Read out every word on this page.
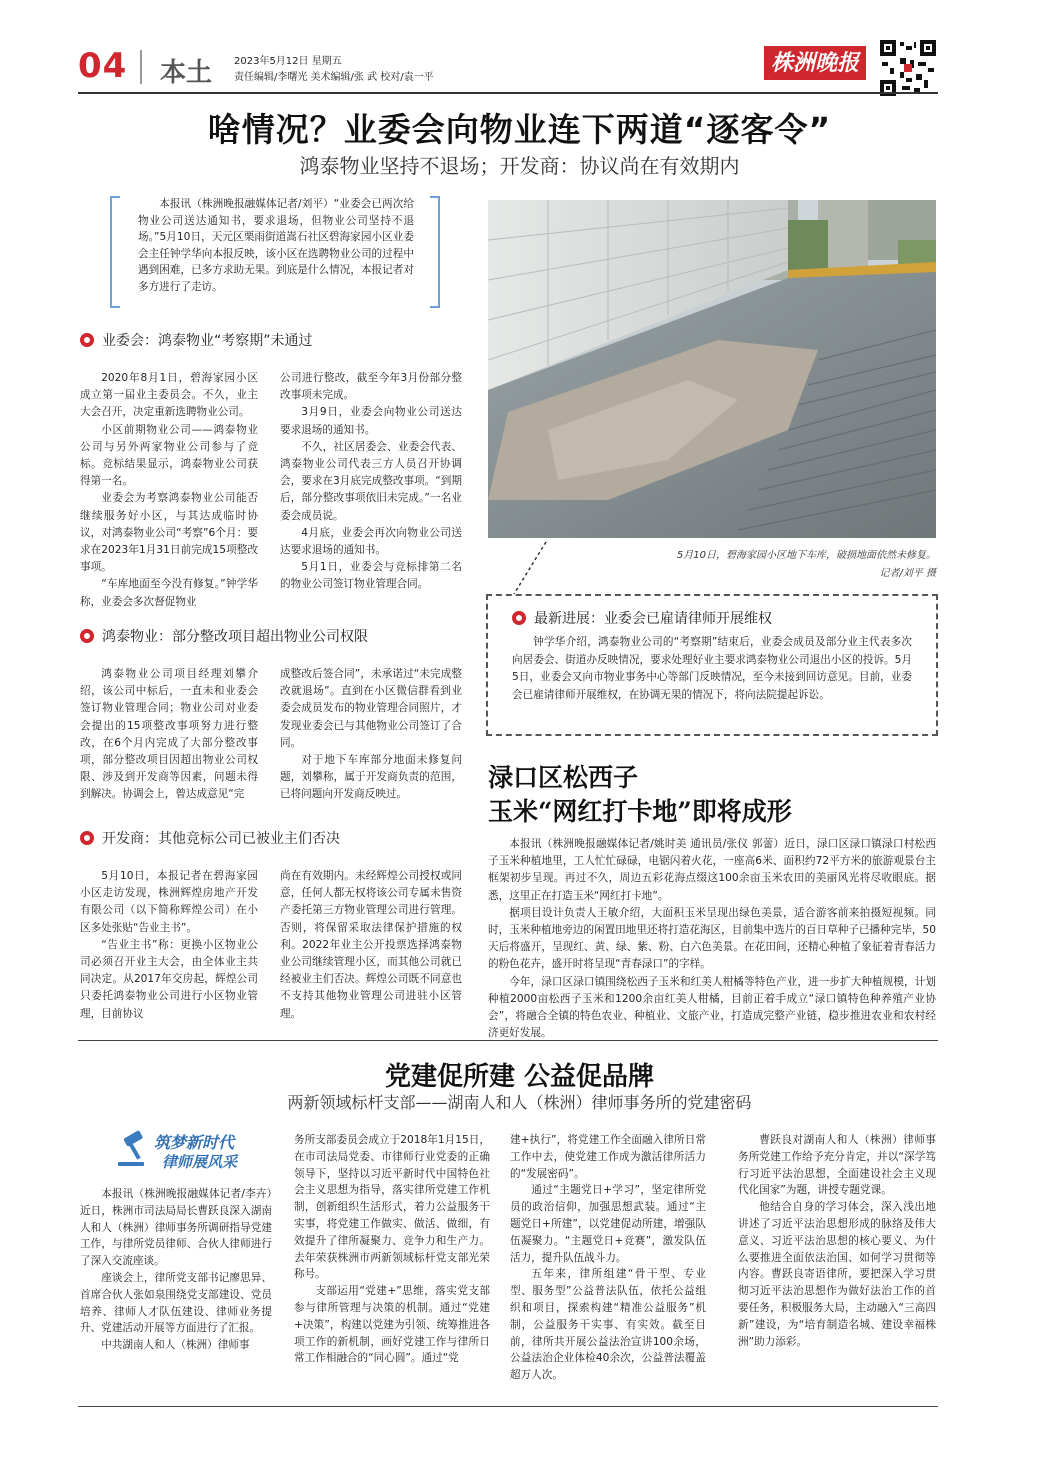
04 本土 2023年5月12日 星期五
责任编辑/李曙光 美术编辑/张 武 校对/袁一平
株洲晚报
啥情况？业委会向物业连下两道“逐客令”
鸿泰物业坚持不退场；开发商：协议尚在有效期内
本报讯（株洲晚报融媒体记者/刘平）“业委会已两次给物业公司送达通知书，要求退场，但物业公司坚持不退场。”5月10日，天元区栗雨街道嵩石社区碧海家园小区业委会主任钟学华向本报反映，该小区在选聘物业公司的过程中遇到困难，已多方求助无果。到底是什么情况，本报记者对多方进行了走访。
业委会：鸿泰物业“考察期”未通过

2020年8月1日，碧海家园小区成立第一届业主委员会。不久，业主大会召开，决定重新选聘物业公司。

小区前期物业公司——鸿泰物业公司与另外两家物业公司参与了竞标。竞标结果显示，鸿泰物业公司获得第一名。

业委会为考察鸿泰物业公司能否继续服务好小区，与其达成临时协议，对鸿泰物业公司“考察”6个月：要求在2023年1月31日前完成15项整改事项。

“车库地面至今没有修复。”钟学华称，业委会多次督促物业

公司进行整改，截至今年3月份部分整改事项未完成。

3月9日，业委会向物业公司送达要求退场的通知书。

不久，社区居委会、业委会代表、鸿泰物业公司代表三方人员召开协调会，要求在3月底完成整改事项。“到期后，部分整改事项依旧未完成。”一名业委会成员说。

4月底，业委会再次向物业公司送达要求退场的通知书。

5月1日，业委会与竞标排第二名的物业公司签订物业管理合同。

鸿泰物业：部分整改项目超出物业公司权限

鸿泰物业公司项目经理刘攀介绍，该公司中标后，一直未和业委会签订物业管理合同；物业公司对业委会提出的15项整改事项努力进行整改，在6个月内完成了大部分整改事项，部分整改项目因超出物业公司权限、涉及到开发商等因素，问题未得到解决。协调会上，曾达成意见“完

成整改后签合同”，未承诺过“未完成整改就退场”。直到在小区微信群看到业委会成员发布的物业管理合同照片，才发现业委会已与其他物业公司签订了合同。

对于地下车库部分地面未修复问题，刘攀称，属于开发商负责的范围，已将问题向开发商反映过。

开发商：其他竞标公司已被业主们否决

5月10日，本报记者在碧海家园小区走访发现，株洲辉煌房地产开发有限公司（以下简称辉煌公司）在小区多处张贴“告业主书”。

“告业主书”称：更换小区物业公司必须召开业主大会，由全体业主共同决定。从2017年交房起，辉煌公司只委托鸿泰物业公司进行小区物业管理，目前协议

尚在有效期内。未经辉煌公司授权或同意，任何人都无权将该公司专属未售资产委托第三方物业管理公司进行管理。否则，将保留采取法律保护措施的权利。2022年业主公开投票选择鸿泰物业公司继续管理小区，而其他公司就已经被业主们否决。辉煌公司既不同意也不支持其他物业管理公司进驻小区管理。

5月10日，碧海家园小区地下车库，破损地面依然未修复。
记者/刘平 摄
最新进展：业委会已雇请律师开展维权
钟学华介绍，鸿泰物业公司的“考察期”结束后，业委会成员及部分业主代表多次向居委会、街道办反映情况，要求处理好业主要求鸿泰物业公司退出小区的投诉。5月5日，业委会又向市物业事务中心等部门反映情况，至今未接到回访意见。目前，业委会已雇请律师开展维权，在协调无果的情况下，将向法院提起诉讼。
渌口区松西子
玉米“网红打卡地”即将成形

本报讯（株洲晚报融媒体记者/姚时美 通讯员/张仪 郭蕾）近日，渌口区渌口镇渌口村松西子玉米种植地里，工人忙忙碌碌，电锯闪着火花，一座高6米、面积约72平方米的旅游观景台主框架初步呈现。再过不久，周边五彩花海点缀这100余亩玉米农田的美丽风光将尽收眼底。据悉，这里正在打造玉米“网红打卡地”。

据项目设计负责人王敏介绍，大面积玉米呈现出绿色美景，适合游客前来拍摄短视频。同时，玉米种植地旁边的闲置田地里还将打造花海区，目前集中选片的百日草种子已播种完毕，50天后将盛开，呈现红、黄、绿、紫、粉、白六色美景。在花田间，还精心种植了象征着青春活力的粉色花卉，盛开时将呈现“青春渌口”的字样。

今年，渌口区渌口镇围绕松西子玉米和红美人柑橘等特色产业，进一步扩大种植规模，计划种植2000亩松西子玉米和1200余亩红美人柑橘，目前正着手成立“渌口镇特色种养殖产业协会”，将融合全镇的特色农业、种植业、文旅产业，打造成完整产业链，稳步推进农业和农村经济更好发展。

党建促所建 公益促品牌
两新领域标杆支部——湖南人和人（株洲）律师事务所的党建密码
筑梦新时代
律师展风采

本报讯（株洲晚报融媒体记者/李卉）近日，株洲市司法局局长曹跃良深入湖南人和人（株洲）律师事务所调研指导党建工作，与律所党员律师、合伙人律师进行了深入交流座谈。

座谈会上，律所党支部书记廖思异、首席合伙人张如泉围绕党支部建设、党员培养、律师人才队伍建设、律师业务提升、党建活动开展等方面进行了汇报。

中共湖南人和人（株洲）律师事

务所支部委员会成立于2018年1月15日，在市司法局党委、市律师行业党委的正确领导下，坚持以习近平新时代中国特色社会主义思想为指导，落实律所党建工作机制，创新组织生活形式，着力公益服务干实事，将党建工作做实、做活、做细，有效提升了律所凝聚力、竞争力和生产力。去年荣获株洲市两新领域标杆党支部光荣称号。

支部运用“党建+”思维，落实党支部参与律所管理与决策的机制。通过“党建+决策”，构建以党建为引领、统筹推进各项工作的新机制，画好党建工作与律所日常工作相融合的“同心圆”。通过“党

建+执行”，将党建工作全面融入律所日常工作中去，使党建工作成为激活律所活力的“发展密码”。

通过“主题党日+学习”，坚定律所党员的政治信仰，加强思想武装。通过“主题党日+所建”，以党建促动所建，增强队伍凝聚力。“主题党日+竞赛”，激发队伍活力，提升队伍战斗力。

五年来，律所组建“骨干型、专业型、服务型”公益普法队伍，依托公益组织和项目，探索构建“精准公益服务”机制，公益服务干实事、有实效。截至目前，律所共开展公益法治宣讲100余场，公益法治企业体检40余次，公益普法覆盖超万人次。

曹跃良对湖南人和人（株洲）律师事务所党建工作给予充分肯定，并以“深学笃行习近平法治思想，全面建设社会主义现代化国家”为题，讲授专题党课。

他结合自身的学习体会，深入浅出地讲述了习近平法治思想形成的脉络及伟大意义、习近平法治思想的核心要义、为什么要推进全面依法治国、如何学习贯彻等内容。曹跃良寄语律所，要把深入学习贯彻习近平法治思想作为做好法治工作的首要任务，积极服务大局，主动融入“三高四新”建设，为“培育制造名城、建设幸福株洲”助力添彩。
